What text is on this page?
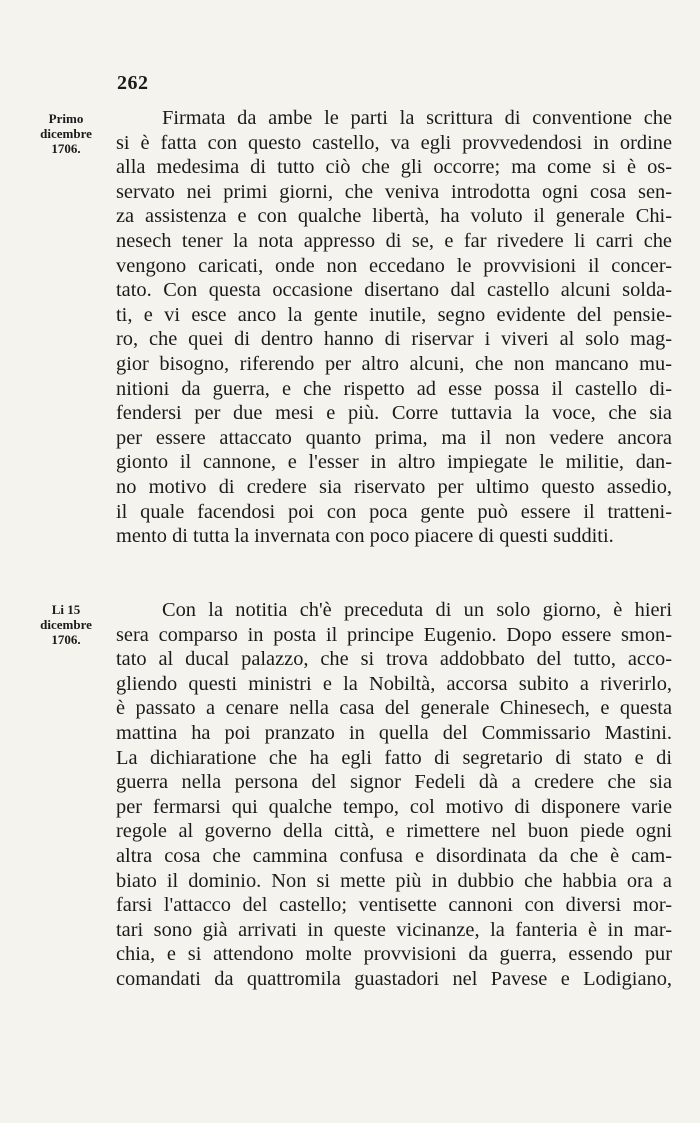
262
Primo
dicembre
1706.
Firmata da ambe le parti la scrittura di conventione che
si è fatta con questo castello, va egli provvedendosi in ordine
alla medesima di tutto ciò che gli occorre; ma come si è os-
servato nei primi giorni, che veniva introdotta ogni cosa sen-
za assistenza e con qualche libertà, ha voluto il generale Chi-
nesech tener la nota appresso di se, e far rivedere li carri che
vengono caricati, onde non eccedano le provvisioni il concer-
tato. Con questa occasione disertano dal castello alcuni solda-
ti, e vi esce anco la gente inutile, segno evidente del pensie-
ro, che quei di dentro hanno di riservar i viveri al solo mag-
gior bisogno, riferendo per altro alcuni, che non mancano mu-
nitioni da guerra, e che rispetto ad esse possa il castello di-
fendersi per due mesi e più. Corre tuttavia la voce, che sia
per essere attaccato quanto prima, ma il non vedere ancora
gionto il cannone, e l'esser in altro impiegate le militie, dan-
no motivo di credere sia riservato per ultimo questo assedio,
il quale facendosi poi con poca gente può essere il tratteni-
mento di tutta la invernata con poco piacere di questi sudditi.
Li 15
dicembre
1706.
Con la notitia ch'è preceduta di un solo giorno, è hieri
sera comparso in posta il principe Eugenio. Dopo essere smon-
tato al ducal palazzo, che si trova addobbato del tutto, acco-
gliendo questi ministri e la Nobiltà, accorsa subito a riverirlo,
è passato a cenare nella casa del generale Chinesech, e questa
mattina ha poi pranzato in quella del Commissario Mastini.
La dichiaratione che ha egli fatto di segretario di stato e di
guerra nella persona del signor Fedeli dà a credere che sia
per fermarsi qui qualche tempo, col motivo di disponere varie
regole al governo della città, e rimettere nel buon piede ogni
altra cosa che cammina confusa e disordinata da che è cam-
biato il dominio. Non si mette più in dubbio che habbia ora a
farsi l'attacco del castello; ventisette cannoni con diversi mor-
tari sono già arrivati in queste vicinanze, la fanteria è in mar-
chia, e si attendono molte provvisioni da guerra, essendo pur
comandati da quattromila guastadori nel Pavese e Lodigiano,
